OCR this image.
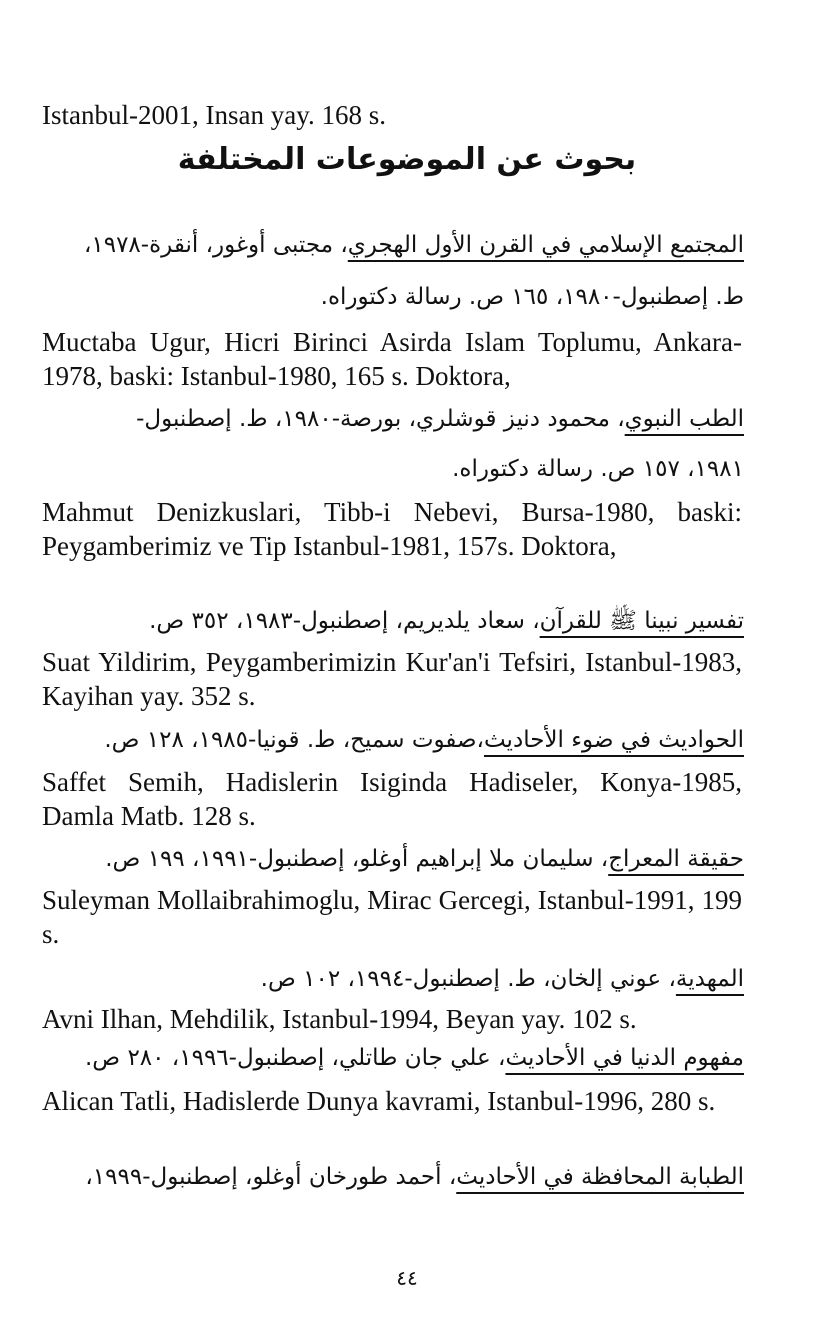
Istanbul-2001, Insan yay. 168 s.
بحوث عن الموضوعات المختلفة
المجتمع الإسلامي في القرن الأول الهجري، مجتبى أوغور، أنقرة-١٩٧٨،
ط. إصطنبول-١٩٨٠، ١٦٥ ص. رسالة دكتوراه.
Muctaba Ugur, Hicri Birinci Asirda Islam Toplumu, Ankara-1978, baski: Istanbul-1980, 165 s. Doktora,
الطب النبوي، محمود دنيز قوشلري، بورصة-١٩٨٠، ط. إصطنبول-
١٩٨١، ١٥٧ ص. رسالة دكتوراه.
Mahmut Denizkuslari, Tibb-i Nebevi, Bursa-1980, baski: Peygamberimiz ve Tip Istanbul-1981, 157s. Doktora,
تفسير نبينا ﷺ للقرآن، سعاد يلديريم، إصطنبول-١٩٨٣، ٣٥٢ ص.
Suat Yildirim, Peygamberimizin Kur'an'i Tefsiri, Istanbul-1983, Kayihan yay. 352 s.
الحواديث في ضوء الأحاديث،صفوت سميح، ط. قونيا-١٩٨٥، ١٢٨ ص.
Saffet Semih, Hadislerin Isiginda Hadiseler, Konya-1985, Damla Matb. 128 s.
حقيقة المعراج، سليمان ملا إبراهيم أوغلو، إصطنبول-١٩٩١، ١٩٩ ص.
Suleyman Mollaibrahimoglu, Mirac Gercegi, Istanbul-1991, 199 s.
المهدية، عوني إلخان، ط. إصطنبول-١٩٩٤، ١٠٢ ص.
Avni Ilhan, Mehdilik, Istanbul-1994, Beyan yay. 102 s.
مفهوم الدنيا في الأحاديث، علي جان طاتلي، إصطنبول-١٩٩٦، ٢٨٠ ص.
Alican Tatli, Hadislerde Dunya kavrami, Istanbul-1996, 280 s.
الطبابة المحافظة في الأحاديث، أحمد طورخان أوغلو، إصطنبول-١٩٩٩،
٤٤
